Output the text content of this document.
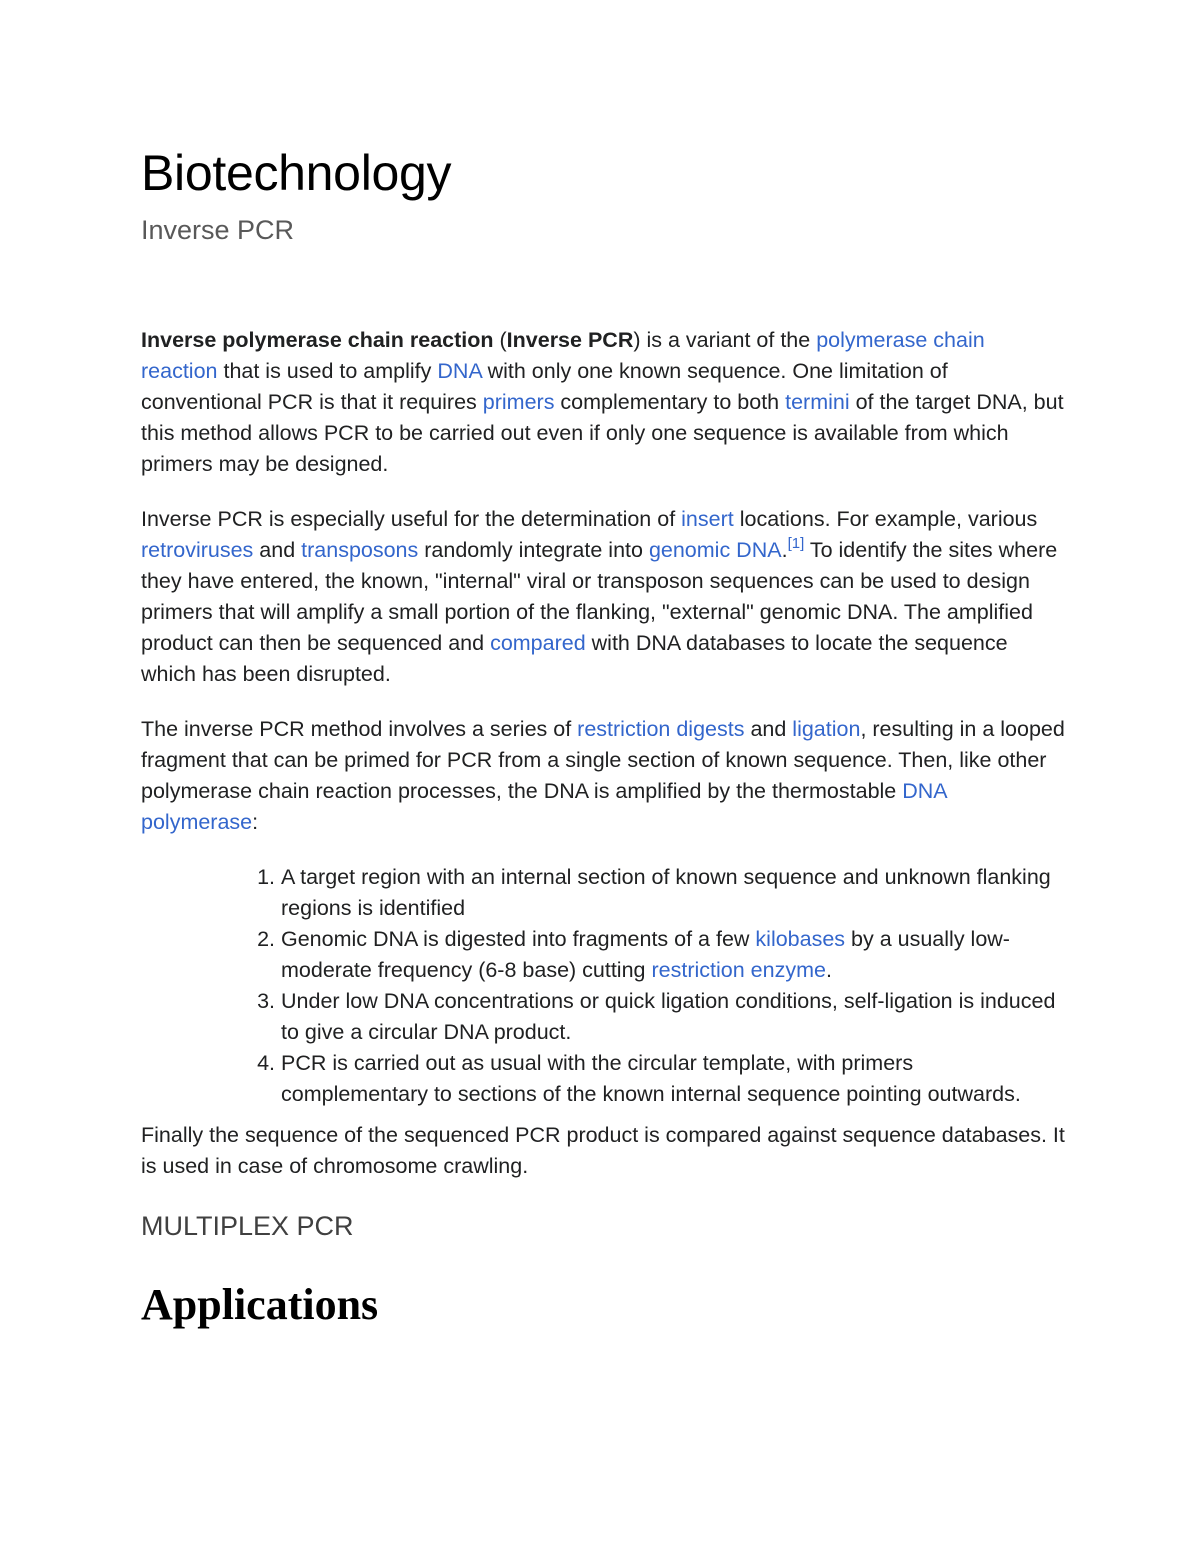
Biotechnology
Inverse PCR

Inverse polymerase chain reaction (Inverse PCR) is a variant of the polymerase chain reaction that is used to amplify DNA with only one known sequence. One limitation of conventional PCR is that it requires primers complementary to both termini of the target DNA, but this method allows PCR to be carried out even if only one sequence is available from which primers may be designed.

Inverse PCR is especially useful for the determination of insert locations. For example, various retroviruses and transposons randomly integrate into genomic DNA.[1] To identify the sites where they have entered, the known, "internal" viral or transposon sequences can be used to design primers that will amplify a small portion of the flanking, "external" genomic DNA. The amplified product can then be sequenced and compared with DNA databases to locate the sequence which has been disrupted.

The inverse PCR method involves a series of restriction digests and ligation, resulting in a looped fragment that can be primed for PCR from a single section of known sequence. Then, like other polymerase chain reaction processes, the DNA is amplified by the thermostable DNA polymerase:

1. A target region with an internal section of known sequence and unknown flanking regions is identified
2. Genomic DNA is digested into fragments of a few kilobases by a usually low-moderate frequency (6-8 base) cutting restriction enzyme.
3. Under low DNA concentrations or quick ligation conditions, self-ligation is induced to give a circular DNA product.
4. PCR is carried out as usual with the circular template, with primers complementary to sections of the known internal sequence pointing outwards.

Finally the sequence of the sequenced PCR product is compared against sequence databases. It is used in case of chromosome crawling.

MULTIPLEX PCR
Applications
